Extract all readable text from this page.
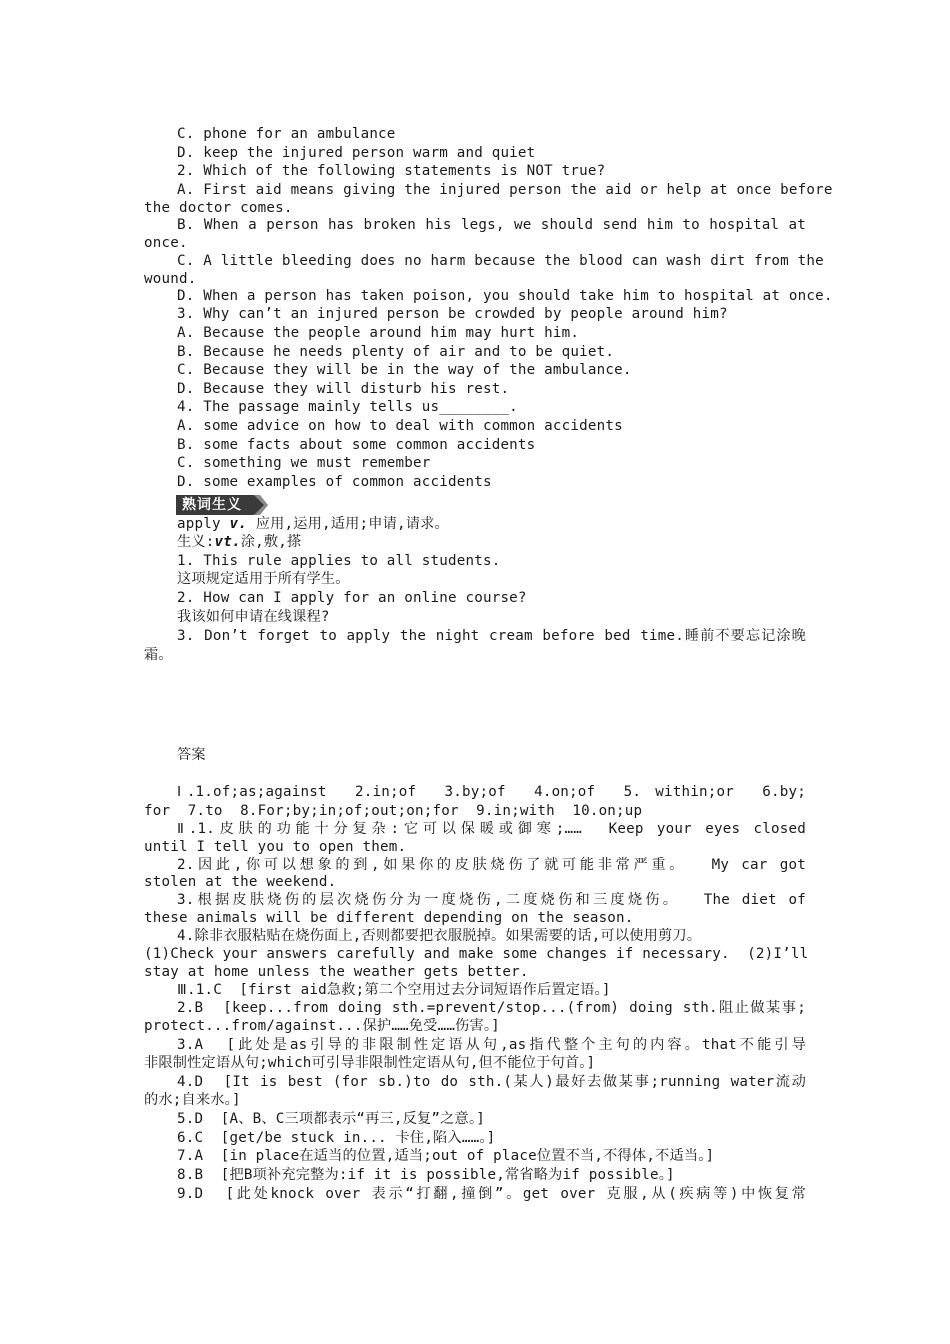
C. phone for an ambulance
D. keep the injured person warm and quiet
2. Which of the following statements is NOT true?
A. First aid means giving the injured person the aid or help at once before
the doctor comes.
B. When a person has broken his legs, we should send him to hospital at
once.
C. A little bleeding does no harm because the blood can wash dirt from the
wound.
D. When a person has taken poison, you should take him to hospital at once.
3. Why can’t an injured person be crowded by people around him?
A. Because the people around him may hurt him.
B. Because he needs plenty of air and to be quiet.
C. Because they will be in the way of the ambulance.
D. Because they will disturb his rest.
4. The passage mainly tells us________.
A. some advice on how to deal with common accidents
B. some facts about some common accidents
C. something we must remember
D. some examples of common accidents
熟词生义
apply v. 应用,运用,适用;申请,请求。
生义:vt.涂,敷,搽
1. This rule applies to all students.
这项规定适用于所有学生。
2. How can I apply for an online course?
我该如何申请在线课程?
3. Don’t forget to apply the night cream before bed time.睡前不要忘记涂晚
霜。
答案
Ⅰ.1.of;as;against  2.in;of  3.by;of  4.on;of  5. within;or  6.by;
for  7.to  8.For;by;in;of;out;on;for  9.in;with  10.on;up
Ⅱ.1.皮肤的功能十分复杂:它可以保暖或御寒;……  Keep your eyes closed
until I tell you to open them.
2.因此,你可以想象的到,如果你的皮肤烧伤了就可能非常严重。  My car got
stolen at the weekend.
3.根据皮肤烧伤的层次烧伤分为一度烧伤,二度烧伤和三度烧伤。  The diet of
these animals will be different depending on the season.
4.除非衣服粘贴在烧伤面上,否则都要把衣服脱掉。如果需要的话,可以使用剪刀。
(1)Check your answers carefully and make some changes if necessary.  (2)I’ll
stay at home unless the weather gets better.
Ⅲ.1.C  [first aid急救;第二个空用过去分词短语作后置定语。]
2.B  [keep...from doing sth.=prevent/stop...(from) doing sth.阻止做某事;
protect...from/against...保护……免受……伤害。]
3.A  [此处是as引导的非限制性定语从句,as指代整个主句的内容。that不能引导
非限制性定语从句;which可引导非限制性定语从句,但不能位于句首。]
4.D  [It is best (for sb.)to do sth.(某人)最好去做某事;running water流动
的水;自来水。]
5.D  [A、B、C三项都表示“再三,反复”之意。]
6.C  [get/be stuck in... 卡住,陷入……。]
7.A  [in place在适当的位置,适当;out of place位置不当,不得体,不适当。]
8.B  [把B项补充完整为:if it is possible,常省略为if possible。]
9.D  [此处knock over 表示“打翻,撞倒”。get over 克服,从(疾病等)中恢复常
